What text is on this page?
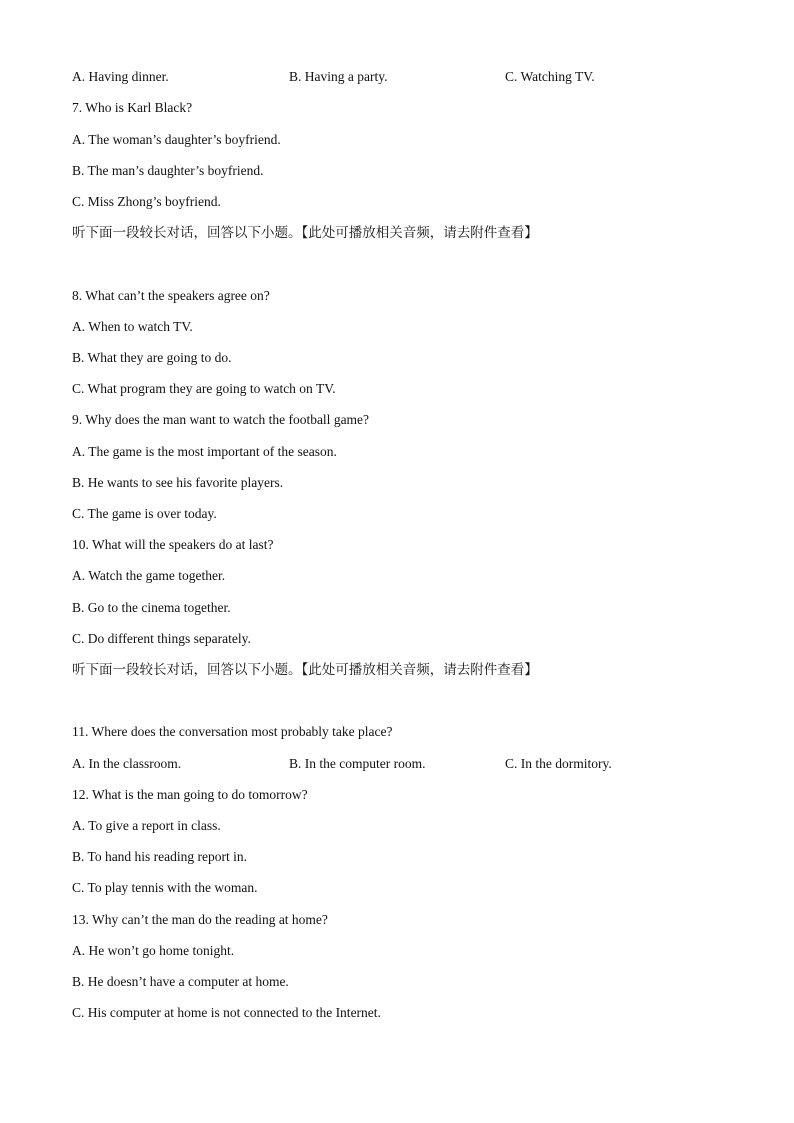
A. Having dinner.	B. Having a party.	C. Watching TV.
7. Who is Karl Black?
A. The woman’s daughter’s boyfriend.
B. The man’s daughter’s boyfriend.
C. Miss Zhong’s boyfriend.
听下面一段较长对话，回答以下小题。【此处可播放相关音频，请去附件查看】
8. What can’t the speakers agree on?
A. When to watch TV.
B. What they are going to do.
C. What program they are going to watch on TV.
9. Why does the man want to watch the football game?
A. The game is the most important of the season.
B. He wants to see his favorite players.
C. The game is over today.
10. What will the speakers do at last?
A. Watch the game together.
B. Go to the cinema together.
C. Do different things separately.
听下面一段较长对话，回答以下小题。【此处可播放相关音频，请去附件查看】
11. Where does the conversation most probably take place?
A. In the classroom.	B. In the computer room.	C. In the dormitory.
12. What is the man going to do tomorrow?
A. To give a report in class.
B. To hand his reading report in.
C. To play tennis with the woman.
13. Why can’t the man do the reading at home?
A. He won’t go home tonight.
B. He doesn’t have a computer at home.
C. His computer at home is not connected to the Internet.
